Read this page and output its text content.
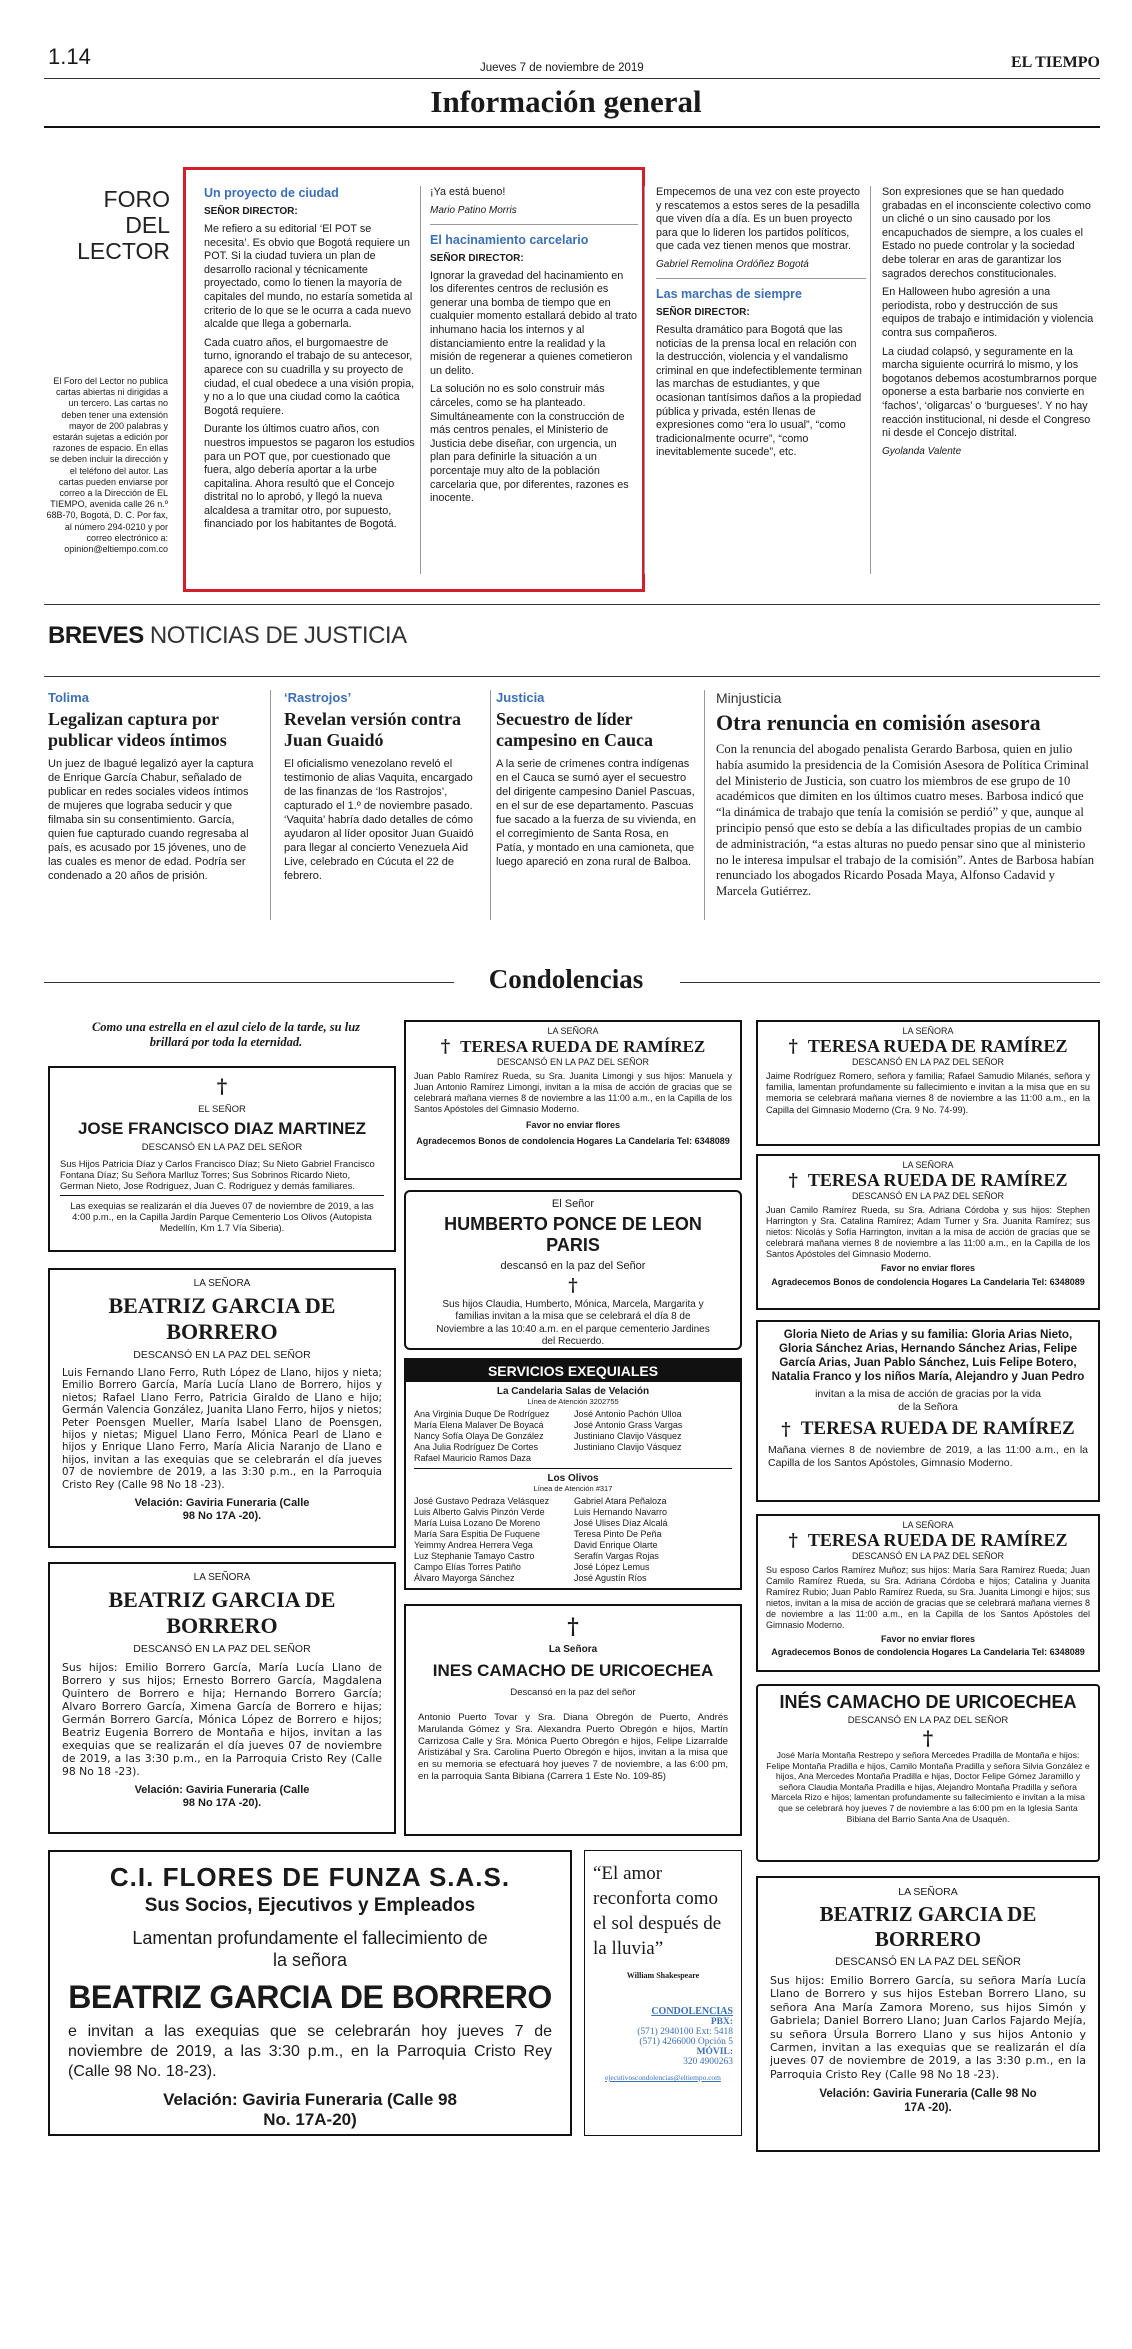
1.14	Jueves 7 de noviembre de 2019	EL TIEMPO
Información general
FORO DEL LECTOR
El Foro del Lector no publica cartas abiertas ni dirigidas a un tercero. Las cartas no deben tener una extensión mayor de 200 palabras y estarán sujetas a edición por razones de espacio. En ellas se deben incluir la dirección y el teléfono del autor. Las cartas pueden enviarse por correo a la Dirección de EL TIEMPO, avenida calle 26 n.º 68B-70, Bogotá, D. C. Por fax, al número 294-0210 y por correo electrónico a: opinion@eltiempo.com.co
Un proyecto de ciudad
SEÑOR DIRECTOR:

Me refiero a su editorial ‘El POT se necesita’. Es obvio que Bogotá requiere un POT. Si la ciudad tuviera un plan de desarrollo racional y técnicamente proyectado, como lo tienen la mayoría de capitales del mundo, no estaría sometida al criterio de lo que se le ocurra a cada nuevo alcalde que llega a gobernarla.

Cada cuatro años, el burgomaestre de turno, ignorando el trabajo de su antecesor, aparece con su cuadrilla y su proyecto de ciudad, el cual obedece a una visión propia, y no a lo que una ciudad como la caótica Bogotá requiere.

Durante los últimos cuatro años, con nuestros impuestos se pagaron los estudios para un POT que, por cuestionado que fuera, algo debería aportar a la urbe capitalina. Ahora resultó que el Concejo distrital no lo aprobó, y llegó la nueva alcaldesa a tramitar otro, por supuesto, financiado por los habitantes de Bogotá.

¡Ya está bueno!

Mario Patino Morris
El hacinamiento carcelario
SEÑOR DIRECTOR:

Ignorar la gravedad del hacinamiento en los diferentes centros de reclusión es generar una bomba de tiempo que en cualquier momento estallará debido al trato inhumano hacia los internos y al distanciamiento entre la realidad y la misión de regenerar a quienes cometieron un delito.

La solución no es solo construir más cárceles, como se ha planteado. Simultáneamente con la construcción de más centros penales, el Ministerio de Justicia debe diseñar, con urgencia, un plan para definirle la situación a un porcentaje muy alto de la población carcelaria que, por diferentes, razones es inocente.

Empecemos de una vez con este proyecto y rescatemos a estos seres de la pesadilla que viven día a día. Es un buen proyecto para que lo lideren los partidos políticos, que cada vez tienen menos que mostrar.

Gabriel Remolina Ordóñez Bogotá
Las marchas de siempre
SEÑOR DIRECTOR:

Resulta dramático para Bogotá que las noticias de la prensa local en relación con la destrucción, violencia y el vandalismo criminal en que indefectiblemente terminan las marchas de estudiantes, y que ocasionan tantísimos daños a la propiedad pública y privada, estén llenas de expresiones como “era lo usual”, “como tradicionalmente ocurre”, “como inevitablemente sucede”, etc.

Son expresiones que se han quedado grabadas en el inconsciente colectivo como un cliché o un sino causado por los encapuchados de siempre, a los cuales el Estado no puede controlar y la sociedad debe tolerar en aras de garantizar los sagrados derechos constitucionales.

En Halloween hubo agresión a una periodista, robo y destrucción de sus equipos de trabajo e intimidación y violencia contra sus compañeros.

La ciudad colapsó, y seguramente en la marcha siguiente ocurrirá lo mismo, y los bogotanos debemos acostumbrarnos porque oponerse a esta barbarie nos convierte en ‘fachos’, ‘oligarcas’ o ‘burgueses’. Y no hay reacción institucional, ni desde el Congreso ni desde el Concejo distrital.

Gyolanda Valente
BREVES NOTICIAS DE JUSTICIA
Tolima
Legalizan captura por publicar videos íntimos
Un juez de Ibagué legalizó ayer la captura de Enrique García Chabur, señalado de publicar en redes sociales videos íntimos de mujeres que lograba seducir y que filmaba sin su consentimiento. García, quien fue capturado cuando regresaba al país, es acusado por 15 jóvenes, uno de las cuales es menor de edad. Podría ser condenado a 20 años de prisión.
‘Rastrojos’
Revelan versión contra Juan Guaidó
El oficialismo venezolano reveló el testimonio de alias Vaquita, encargado de las finanzas de ‘los Rastrojos’, capturado el 1.º de noviembre pasado. ‘Vaquita’ habría dado detalles de cómo ayudaron al líder opositor Juan Guaidó para llegar al concierto Venezuela Aid Live, celebrado en Cúcuta el 22 de febrero.
Justicia
Secuestro de líder campesino en Cauca
A la serie de crímenes contra indígenas en el Cauca se sumó ayer el secuestro del dirigente campesino Daniel Pascuas, en el sur de ese departamento. Pascuas fue sacado a la fuerza de su vivienda, en el corregimiento de Santa Rosa, en Patía, y montado en una camioneta, que luego apareció en zona rural de Balboa.
Minjusticia
Otra renuncia en comisión asesora
Con la renuncia del abogado penalista Gerardo Barbosa, quien en julio había asumido la presidencia de la Comisión Asesora de Política Criminal del Ministerio de Justicia, son cuatro los miembros de ese grupo de 10 académicos que dimiten en los últimos cuatro meses. Barbosa indicó que “la dinámica de trabajo que tenía la comisión se perdió” y que, aunque al principio pensó que esto se debía a las dificultades propias de un cambio de administración, “a estas alturas no puedo pensar sino que al ministerio no le interesa impulsar el trabajo de la comisión”. Antes de Barbosa habían renunciado los abogados Ricardo Posada Maya, Alfonso Cadavid y Marcela Gutiérrez.
Condolencias
Como una estrella en el azul cielo de la tarde, su luz brillará por toda la eternidad.
†
EL SEÑOR
JOSE FRANCISCO DIAZ MARTINEZ
DESCANSÓ EN LA PAZ DEL SEÑOR
Sus Hijos Patricia Díaz y Carlos Francisco Díaz; Su Nieto Gabriel Francisco Fontana Díaz; Su Señora Marlluz Torres; Sus Sobrinos Ricardo Nieto, German Nieto, Jose Rodriguez, Juan C. Rodriguez y demás familiares.
Las exequias se realizarán el día Jueves 07 de noviembre de 2019, a las 4:00 p.m., en la Capilla Jardín Parque Cementerio Los Olivos (Autopista Medellín, Km 1.7 Vía Siberia).
LA SEÑORA
BEATRIZ GARCIA DE BORRERO
DESCANSÓ EN LA PAZ DEL SEÑOR
Luis Fernando Llano Ferro, Ruth López de Llano, hijos y nieta; Emilio Borrero García, María Lucía Llano de Borrero, hijos y nietos; Rafael Llano Ferro, Patricia Giraldo de Llano e hijo; Germán Valencia González, Juanita Llano Ferro, hijos y nietos; Peter Poensgen Mueller, María Isabel Llano de Poensgen, hijos y nietas; Miguel Llano Ferro, Mónica Pearl de Llano e hijos y Enrique Llano Ferro, María Alicia Naranjo de Llano e hijos, invitan a las exequias que se celebrarán el día jueves 07 de noviembre de 2019, a las 3:30 p.m., en la Parroquia Cristo Rey (Calle 98 No 18 -23).
Velación: Gaviria Funeraria (Calle 98 No 17A -20).
LA SEÑORA
BEATRIZ GARCIA DE BORRERO
DESCANSÓ EN LA PAZ DEL SEÑOR
Sus hijos: Emilio Borrero García, María Lucía Llano de Borrero y sus hijos; Ernesto Borrero García, Magdalena Quintero de Borrero e hija; Hernando Borrero García; Alvaro Borrero García, Ximena García de Borrero e hijas; Germán Borrero García, Mónica López de Borrero e hijos; Beatriz Eugenia Borrero de Montaña e hijos, invitan a las exequias que se realizarán el día jueves 07 de noviembre de 2019, a las 3:30 p.m., en la Parroquia Cristo Rey (Calle 98 No 18 -23).
Velación: Gaviria Funeraria (Calle 98 No 17A -20).
C.I. FLORES DE FUNZA S.A.S.
Sus Socios, Ejecutivos y Empleados
Lamentan profundamente el fallecimiento de la señora
BEATRIZ GARCIA DE BORRERO
e invitan a las exequias que se celebrarán hoy jueves 7 de noviembre de 2019, a las 3:30 p.m., en la Parroquia Cristo Rey (Calle 98 No. 18-23).
Velación: Gaviria Funeraria (Calle 98 No. 17A-20)
LA SEÑORA
† TERESA RUEDA DE RAMÍREZ
DESCANSÓ EN LA PAZ DEL SEÑOR
Juan Pablo Ramírez Rueda, su Sra. Juanita Limongi y sus hijos: Manuela y Juan Antonio Ramírez Limongi, invitan a la misa de acción de gracias que se celebrará mañana viernes 8 de noviembre a las 11:00 a.m., en la Capilla de los Santos Apóstoles del Gimnasio Moderno.
Favor no enviar flores
Agradecemos Bonos de condolencia Hogares La Candelaria Tel: 6348089
El Señor
HUMBERTO PONCE DE LEON PARIS
descansó en la paz del Señor
†
Sus hijos Claudia, Humberto, Mónica, Marcela, Margarita y familias invitan a la misa que se celebrará el día 8 de Noviembre a las 10:40 a.m. en el parque cementerio Jardines del Recuerdo.
SERVICIOS EXEQUIALES
La Candelaria Salas de Velación
Línea de Atención 3202755
Ana Virginia Duque De Rodríguez
María Elena Malaver De Boyacá
Nancy Sofía Olaya De González
Ana Julia Rodríguez De Cortes
Rafael Mauricio Ramos Daza
José Antonio Pachón Ulloa
José Antonio Grass Vargas
Justiniano Clavijo Vásquez
Justiniano Clavijo Vásquez
Los Olivos
Línea de Atención #317
José Gustavo Pedraza Velásquez
Luis Alberto Galvis Pinzón Verde
María Luisa Lozano De Moreno
María Sara Espitia De Fuquene
Yeimmy Andrea Herrera Vega
Luz Stephanie Tamayo Castro
Campo Elías Torres Patiño
Álvaro Mayorga Sánchez
Gabriel Atara Peñaloza
Luis Hernando Navarro
José Ulises Díaz Alcalá
Teresa Pinto De Peña
David Enrique Olarte
Serafín Vargas Rojas
José López Lemus
José Agustín Ríos
†
La Señora
INES CAMACHO DE URICOECHEA
Descansó en la paz del señor
Antonio Puerto Tovar y Sra. Diana Obregón de Puerto, Andrés Marulanda Gómez y Sra. Alexandra Puerto Obregón e hijos, Martín Carrizosa Calle y Sra. Mónica Puerto Obregón e hijos, Felipe Lizarralde Aristizábal y Sra. Carolina Puerto Obregón e hijos, invitan a la misa que en su memoria se efectuará hoy jueves 7 de noviembre, a las 6:00 pm, en la parroquia Santa Bibiana (Carrera 1 Este No. 109-85)
“El amor reconforta como el sol después de la lluvia”
William Shakespeare
CONDOLENCIAS
PBX:
(571) 2940100 Ext: 5418
(571) 4266000 Opción 5
MÓVIL:
320 4900263
ejecutivoscondolencias@eltiempo.com
LA SEÑORA
† TERESA RUEDA DE RAMÍREZ
DESCANSÓ EN LA PAZ DEL SEÑOR
Jaime Rodríguez Romero, señora y familia; Rafael Samudio Milanés, señora y familia, lamentan profundamente su fallecimiento e invitan a la misa que en su memoria se celebrará mañana viernes 8 de noviembre a las 11:00 a.m., en la Capilla del Gimnasio Moderno (Cra. 9 No. 74-99).
LA SEÑORA
† TERESA RUEDA DE RAMÍREZ
DESCANSÓ EN LA PAZ DEL SEÑOR
Juan Camilo Ramírez Rueda, su Sra. Adriana Córdoba y sus hijos: Stephen Harrington y Sra. Catalina Ramírez; Adam Turner y Sra. Juanita Ramírez; sus nietos: Nicolás y Sofía Harrington, invitan a la misa de acción de gracias que se celebrará mañana viernes 8 de noviembre a las 11:00 a.m., en la Capilla de los Santos Apóstoles del Gimnasio Moderno.
Favor no enviar flores
Agradecemos Bonos de condolencia Hogares La Candelaria Tel: 6348089
Gloria Nieto de Arias y su familia: Gloria Arias Nieto, Gloria Sánchez Arias, Hernando Sánchez Arias, Felipe García Arias, Juan Pablo Sánchez, Luis Felipe Botero, Natalia Franco y los niños María, Alejandro y Juan Pedro
invitan a la misa de acción de gracias por la vida de la Señora
† TERESA RUEDA DE RAMÍREZ
Mañana viernes 8 de noviembre de 2019, a las 11:00 a.m., en la Capilla de los Santos Apóstoles, Gimnasio Moderno.
LA SEÑORA
† TERESA RUEDA DE RAMÍREZ
DESCANSÓ EN LA PAZ DEL SEÑOR
Su esposo Carlos Ramírez Muñoz; sus hijos: María Sara Ramírez Rueda; Juan Camilo Ramírez Rueda, su Sra. Adriana Córdoba e hijos; Catalina y Juanita Ramírez Rubio; Juan Pablo Ramírez Rueda, su Sra. Juanita Limongi e hijos; sus nietos, invitan a la misa de acción de gracias que se celebrará mañana viernes 8 de noviembre a las 11:00 a.m., en la Capilla de los Santos Apóstoles del Gimnasio Moderno.
Favor no enviar flores
Agradecemos Bonos de condolencia Hogares La Candelaria Tel: 6348089
INÉS CAMACHO DE URICOECHEA
DESCANSÓ EN LA PAZ DEL SEÑOR
†
José María Montaña Restrepo y señora Mercedes Pradilla de Montaña e hijos: Felipe Montaña Pradilla e hijos, Camilo Montaña Pradilla y señora Silvia González e hijos, Ana Mercedes Montaña Pradilla e hijas, Doctor Felipe Gómez Jaramillo y señora Claudia Montaña Pradilla e hijas, Alejandro Montaña Pradilla y señora Marcela Rizo e hijos; lamentan profundamente su fallecimiento e invitan a la misa que se celebrará hoy jueves 7 de noviembre a las 6:00 pm en la Iglesia Santa Bibiana del Barrio Santa Ana de Usaquén.
LA SEÑORA
BEATRIZ GARCIA DE BORRERO
DESCANSÓ EN LA PAZ DEL SEÑOR
Sus hijos: Emilio Borrero García, su señora María Lucía Llano de Borrero y sus hijos Esteban Borrero Llano, su señora Ana María Zamora Moreno, sus hijos Simón y Gabriela; Daniel Borrero Llano; Juan Carlos Fajardo Mejía, su señora Úrsula Borrero Llano y sus hijos Antonio y Carmen, invitan a las exequias que se realizarán el día jueves 07 de noviembre de 2019, a las 3:30 p.m., en la Parroquia Cristo Rey (Calle 98 No 18 -23).
Velación: Gaviria Funeraria (Calle 98 No 17A -20).
